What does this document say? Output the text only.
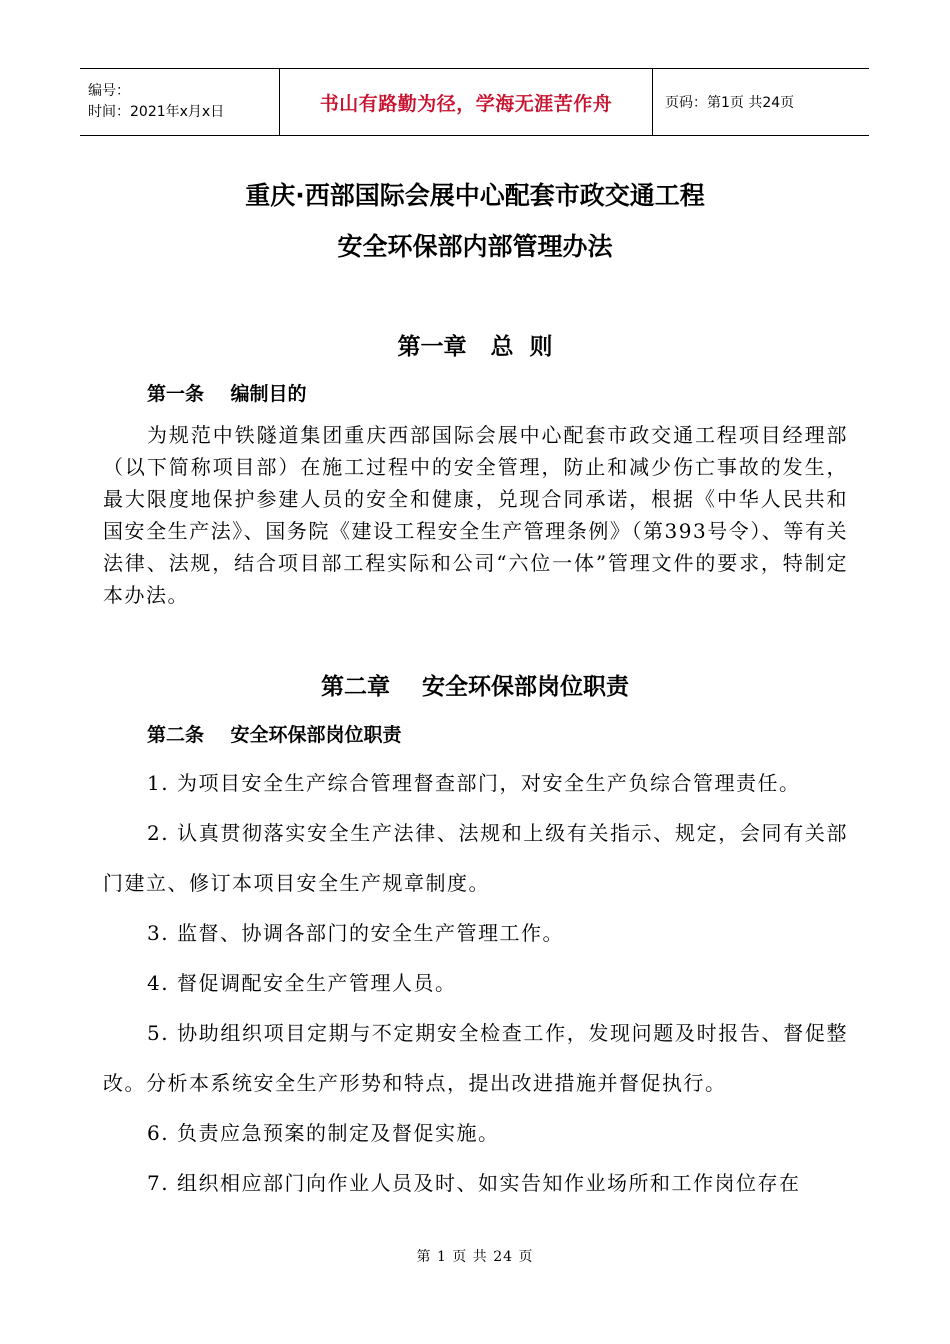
编号：
时间：2021年x月x日	书山有路勤为径，学海无涯苦作舟	页码：第1页 共24页
重庆·西部国际会展中心配套市政交通工程
安全环保部内部管理办法
第一章   总  则
第一条    编制目的
为规范中铁隧道集团重庆西部国际会展中心配套市政交通工程项目经理部（以下简称项目部）在施工过程中的安全管理，防止和减少伤亡事故的发生，最大限度地保护参建人员的安全和健康，兑现合同承诺，根据《中华人民共和国安全生产法》、国务院《建设工程安全生产管理条例》（第393号令）、等有关法律、法规，结合项目部工程实际和公司“六位一体”管理文件的要求，特制定本办法。
第二章    安全环保部岗位职责
第二条    安全环保部岗位职责
1. 为项目安全生产综合管理督查部门，对安全生产负综合管理责任。
2. 认真贯彻落实安全生产法律、法规和上级有关指示、规定，会同有关部门建立、修订本项目安全生产规章制度。
3. 监督、协调各部门的安全生产管理工作。
4. 督促调配安全生产管理人员。
5. 协助组织项目定期与不定期安全检查工作，发现问题及时报告、督促整改。分析本系统安全生产形势和特点，提出改进措施并督促执行。
6. 负责应急预案的制定及督促实施。
7. 组织相应部门向作业人员及时、如实告知作业场所和工作岗位存在
第 1 页 共 24 页
